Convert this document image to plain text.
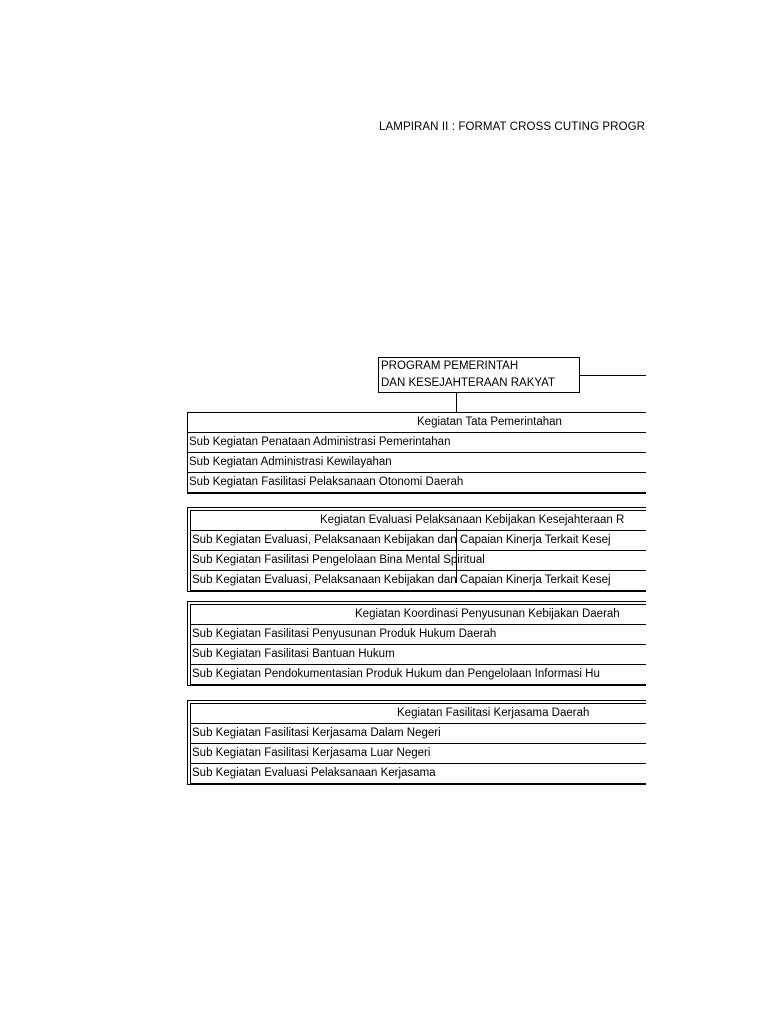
LAMPIRAN II : FORMAT CROSS CUTING PROGR
PROGRAM PEMERINTAH
DAN KESEJAHTERAAN RAKYAT
Kegiatan Tata Pemerintahan
Sub Kegiatan Penataan Administrasi Pemerintahan
Sub Kegiatan Administrasi Kewilayahan
Sub Kegiatan Fasilitasi Pelaksanaan Otonomi Daerah
Kegiatan Evaluasi Pelaksanaan Kebijakan Kesejahteraan R
Sub Kegiatan Evaluasi, Pelaksanaan Kebijakan dan Capaian Kinerja Terkait Kesej
Sub Kegiatan Fasilitasi Pengelolaan Bina Mental Spiritual
Sub Kegiatan Evaluasi, Pelaksanaan Kebijakan dan Capaian Kinerja Terkait Kesej
Kegiatan Koordinasi Penyusunan Kebijakan Daerah
Sub Kegiatan Fasilitasi Penyusunan Produk Hukum Daerah
Sub Kegiatan Fasilitasi Bantuan Hukum
Sub Kegiatan Pendokumentasian Produk Hukum dan Pengelolaan Informasi Hu
Kegiatan Fasilitasi Kerjasama Daerah
Sub Kegiatan Fasilitasi Kerjasama Dalam Negeri
Sub Kegiatan Fasilitasi Kerjasama Luar Negeri
Sub Kegiatan Evaluasi Pelaksanaan Kerjasama
